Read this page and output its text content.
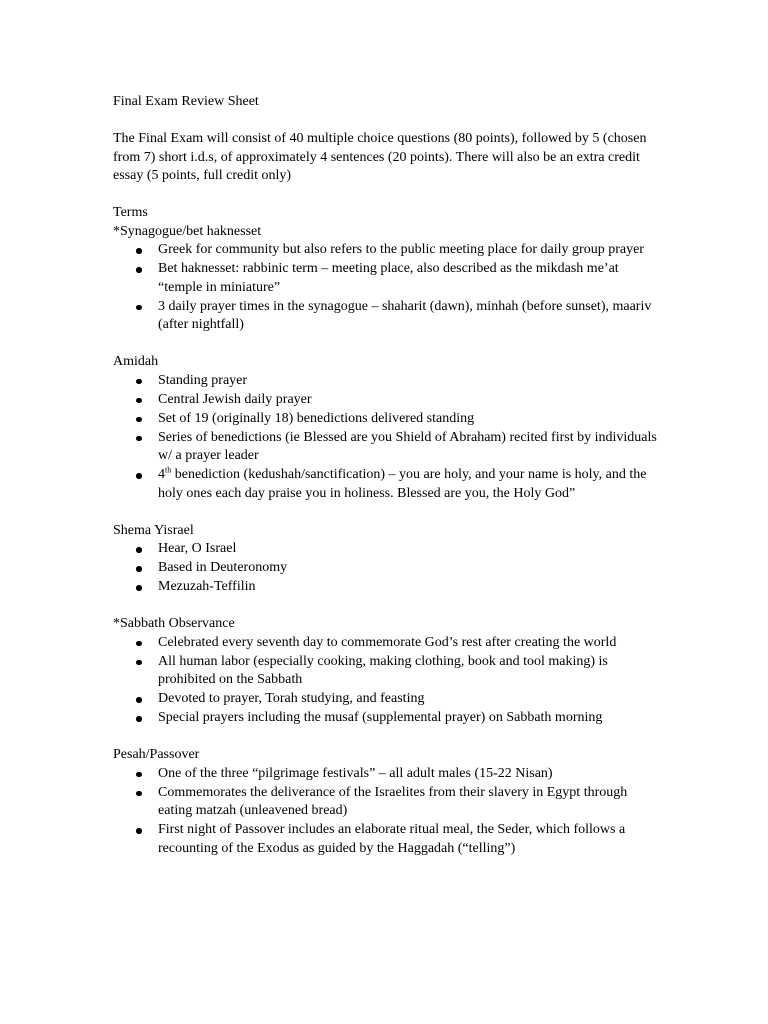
Final Exam Review Sheet

The Final Exam will consist of 40 multiple choice questions (80 points), followed by 5 (chosen from 7) short i.d.s, of approximately 4 sentences (20 points). There will also be an extra credit essay (5 points, full credit only)

Terms

*Synagogue/bet haknesset

Greek for community but also refers to the public meeting place for daily group prayer
Bet haknesset: rabbinic term – meeting place, also described as the mikdash me’at “temple in miniature”
3 daily prayer times in the synagogue – shaharit (dawn), minhah (before sunset), maariv (after nightfall)

Amidah

Standing prayer
Central Jewish daily prayer
Set of 19 (originally 18) benedictions delivered standing
Series of benedictions (ie Blessed are you Shield of Abraham) recited first by individuals w/ a prayer leader
4th benediction (kedushah/sanctification) – you are holy, and your name is holy, and the holy ones each day praise you in holiness. Blessed are you, the Holy God”

Shema Yisrael

Hear, O Israel
Based in Deuteronomy
Mezuzah-Teffilin

*Sabbath Observance

Celebrated every seventh day to commemorate God’s rest after creating the world
All human labor (especially cooking, making clothing, book and tool making) is prohibited on the Sabbath
Devoted to prayer, Torah studying, and feasting
Special prayers including the musaf (supplemental prayer) on Sabbath morning

Pesah/Passover

One of the three “pilgrimage festivals” – all adult males (15-22 Nisan)
Commemorates the deliverance of the Israelites from their slavery in Egypt through eating matzah (unleavened bread)
First night of Passover includes an elaborate ritual meal, the Seder, which follows a recounting of the Exodus as guided by the Haggadah (“telling”)
